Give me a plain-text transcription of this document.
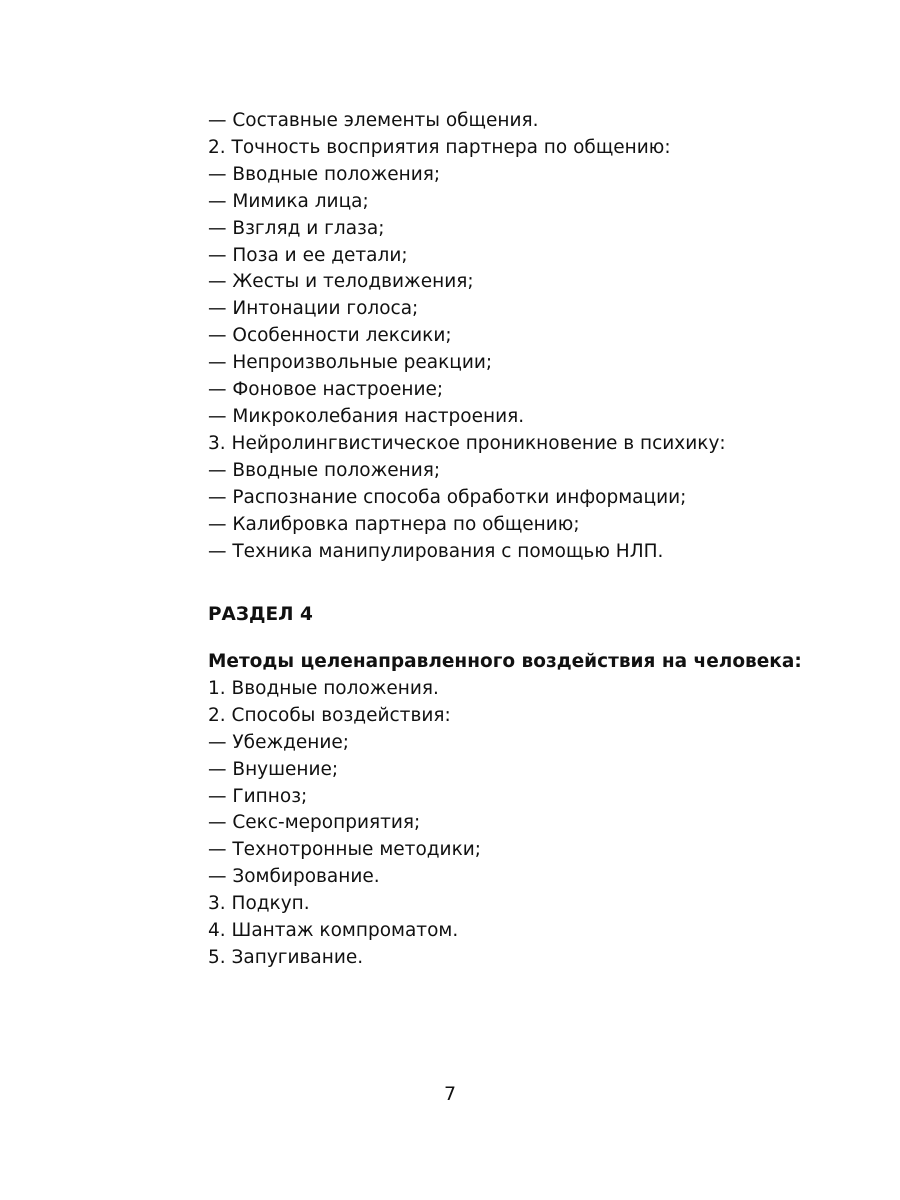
— Составные элементы общения.
2. Точность восприятия партнера по общению:
— Вводные положения;
— Мимика лица;
— Взгляд и глаза;
— Поза и ее детали;
— Жесты и телодвижения;
— Интонации голоса;
— Особенности лексики;
— Непроизвольные реакции;
— Фоновое настроение;
— Микроколебания настроения.
3. Нейролингвистическое проникновение в психику:
— Вводные положения;
— Распознание способа обработки информации;
— Калибровка партнера по общению;
— Техника манипулирования с помощью НЛП.
РАЗДЕЛ 4
Методы целенаправленного воздействия на человека:
1. Вводные положения.
2. Способы воздействия:
— Убеждение;
— Внушение;
— Гипноз;
— Секс-мероприятия;
— Технотронные методики;
— Зомбирование.
3. Подкуп.
4. Шантаж компроматом.
5. Запугивание.
7
